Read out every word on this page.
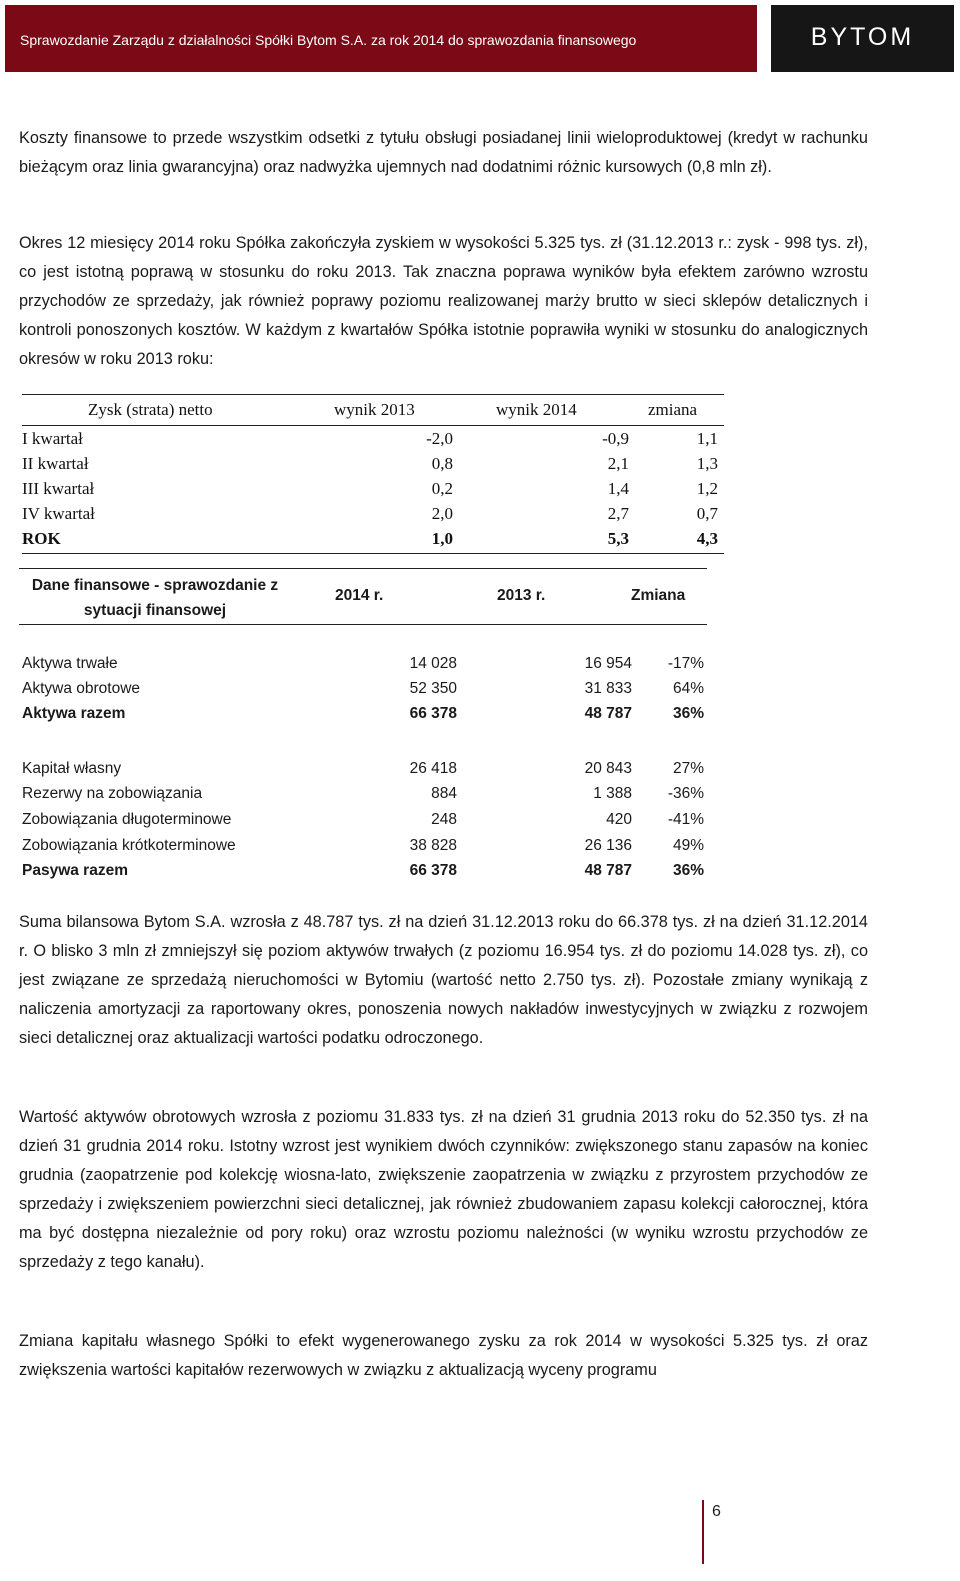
Sprawozdanie Zarządu z działalności Spółki Bytom S.A. za rok 2014 do sprawozdania finansowego	BYTOM

Koszty finansowe to przede wszystkim odsetki z tytułu obsługi posiadanej linii wieloproduktowej (kredyt w rachunku bieżącym oraz linia gwarancyjna) oraz nadwyżka ujemnych nad dodatnimi różnic kursowych (0,8 mln zł).

Okres 12 miesięcy 2014 roku Spółka zakończyła zyskiem w wysokości 5.325 tys. zł (31.12.2013 r.: zysk - 998 tys. zł), co jest istotną poprawą w stosunku do roku 2013. Tak znaczna poprawa wyników była efektem zarówno wzrostu przychodów ze sprzedaży, jak również poprawy poziomu realizowanej marży brutto w sieci sklepów detalicznych i kontroli ponoszonych kosztów. W każdym z kwartałów Spółka istotnie poprawiła wyniki w stosunku do analogicznych okresów w roku 2013 roku:

Zysk (strata) netto	wynik 2013	wynik 2014	zmiana
I kwartał	-2,0	-0,9	1,1
II kwartał	0,8	2,1	1,3
III kwartał	0,2	1,4	1,2
IV kwartał	2,0	2,7	0,7
ROK	1,0	5,3	4,3
Dane finansowe - sprawozdanie z
sytuacji finansowej
2014 r.	2013 r.	Zmiana
Aktywa trwałe	14 028	16 954 -17%
Aktywa obrotowe	52 350	31 833	64%
Aktywa razem	66 378	48 787	36%
Kapitał własny	26 418	20 843	27%
Rezerwy na zobowiązania	884	1 388 -36%
Zobowiązania długoterminowe	248	420 -41%
Zobowiązania krótkoterminowe	38 828	26 136	49%
Pasywa razem	66 378	48 787	36%

Suma bilansowa Bytom S.A. wzrosła z 48.787 tys. zł na dzień 31.12.2013 roku do 66.378 tys. zł na dzień 31.12.2014 r. O blisko 3 mln zł zmniejszył się poziom aktywów trwałych (z poziomu 16.954 tys. zł do poziomu 14.028 tys. zł), co jest związane ze sprzedażą nieruchomości w Bytomiu (wartość netto 2.750 tys. zł). Pozostałe zmiany wynikają z naliczenia amortyzacji za raportowany okres, ponoszenia nowych nakładów inwestycyjnych w związku z rozwojem sieci detalicznej oraz aktualizacji wartości podatku odroczonego.

Wartość aktywów obrotowych wzrosła z poziomu 31.833 tys. zł na dzień 31 grudnia 2013 roku do 52.350 tys. zł na dzień 31 grudnia 2014 roku. Istotny wzrost jest wynikiem dwóch czynników: zwiększonego stanu zapasów na koniec grudnia (zaopatrzenie pod kolekcję wiosna-lato, zwiększenie zaopatrzenia w związku z przyrostem przychodów ze sprzedaży i zwiększeniem powierzchni sieci detalicznej, jak również zbudowaniem zapasu kolekcji całorocznej, która ma być dostępna niezależnie od pory roku) oraz wzrostu poziomu należności (w wyniku wzrostu przychodów ze sprzedaży z tego kanału).

Zmiana kapitału własnego Spółki to efekt wygenerowanego zysku za rok 2014 w wysokości 5.325 tys. zł oraz zwiększenia wartości kapitałów rezerwowych w związku z aktualizacją wyceny programu

6
